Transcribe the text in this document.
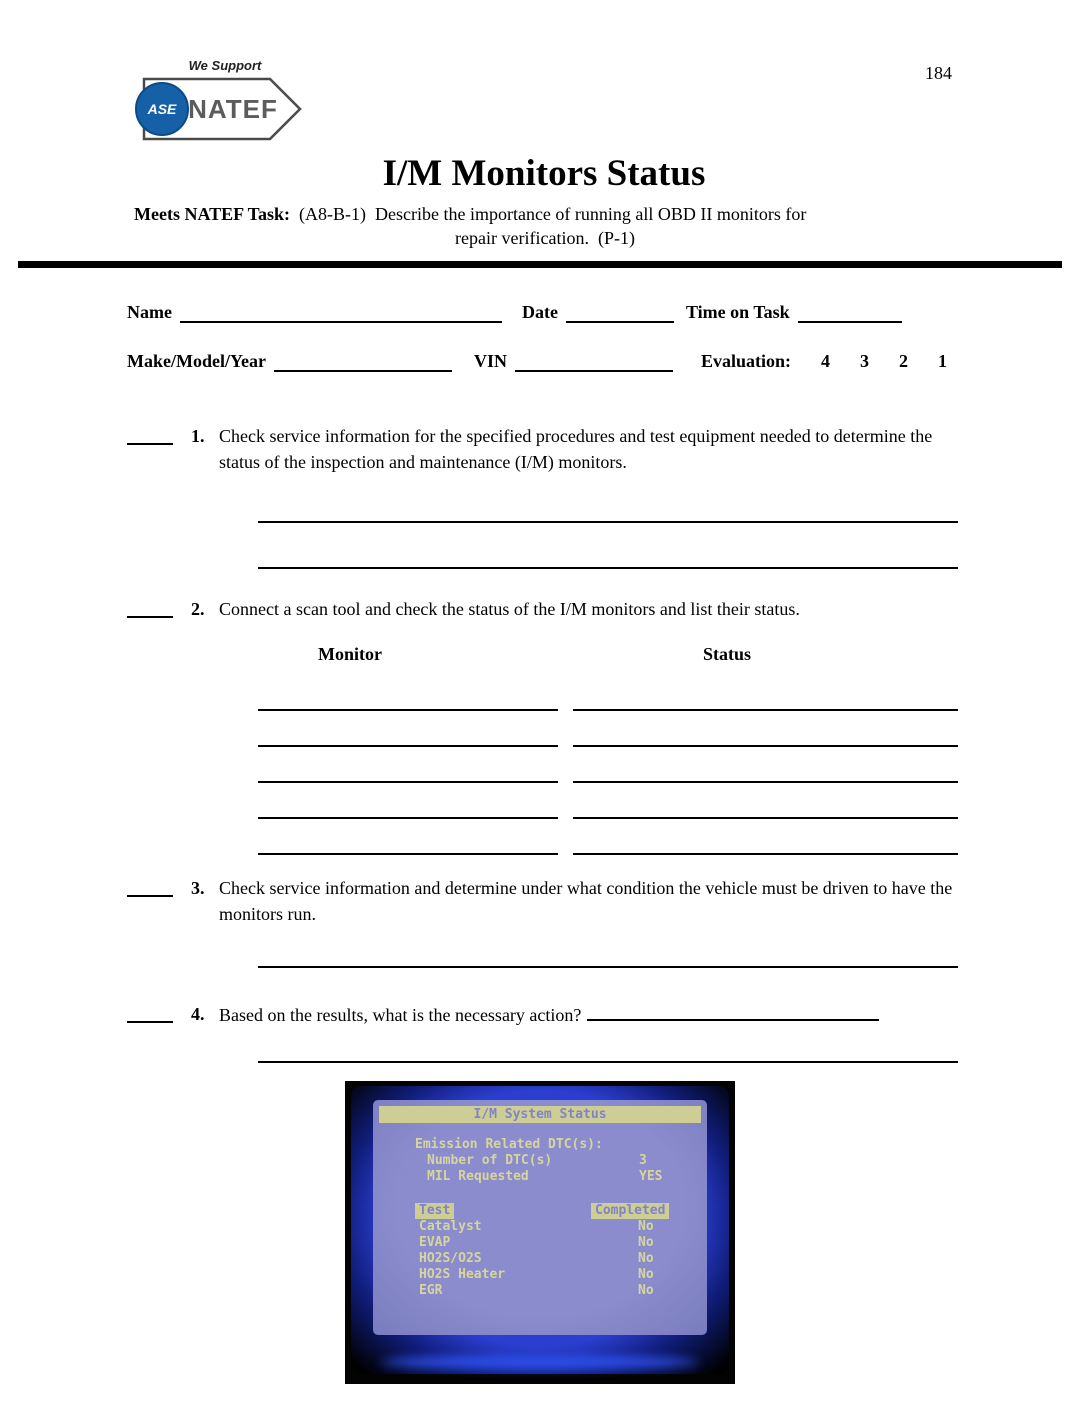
184
We Support
NATEF
ASE
I/M Monitors Status
Meets NATEF Task: (A8-B-1)  Describe the importance of running all OBD II monitors for
repair verification.  (P-1)
Name	Date	Time on Task
Make/Model/Year	VIN	Evaluation: 4 3 2 1
1. Check service information for the specified procedures and test equipment needed to determine the status of the inspection and maintenance (I/M) monitors.
2. Connect a scan tool and check the status of the I/M monitors and list their status.
Monitor	Status
3. Check service information and determine under what condition the vehicle must be driven to have the monitors run.
4. Based on the results, what is the necessary action?
I/M System Status
Emission Related DTC(s):
Number of DTC(s)	3
MIL Requested	YES
Test	Completed
Catalyst	No
EVAP	No
HO2S/O2S	No
HO2S Heater	No
EGR	No
